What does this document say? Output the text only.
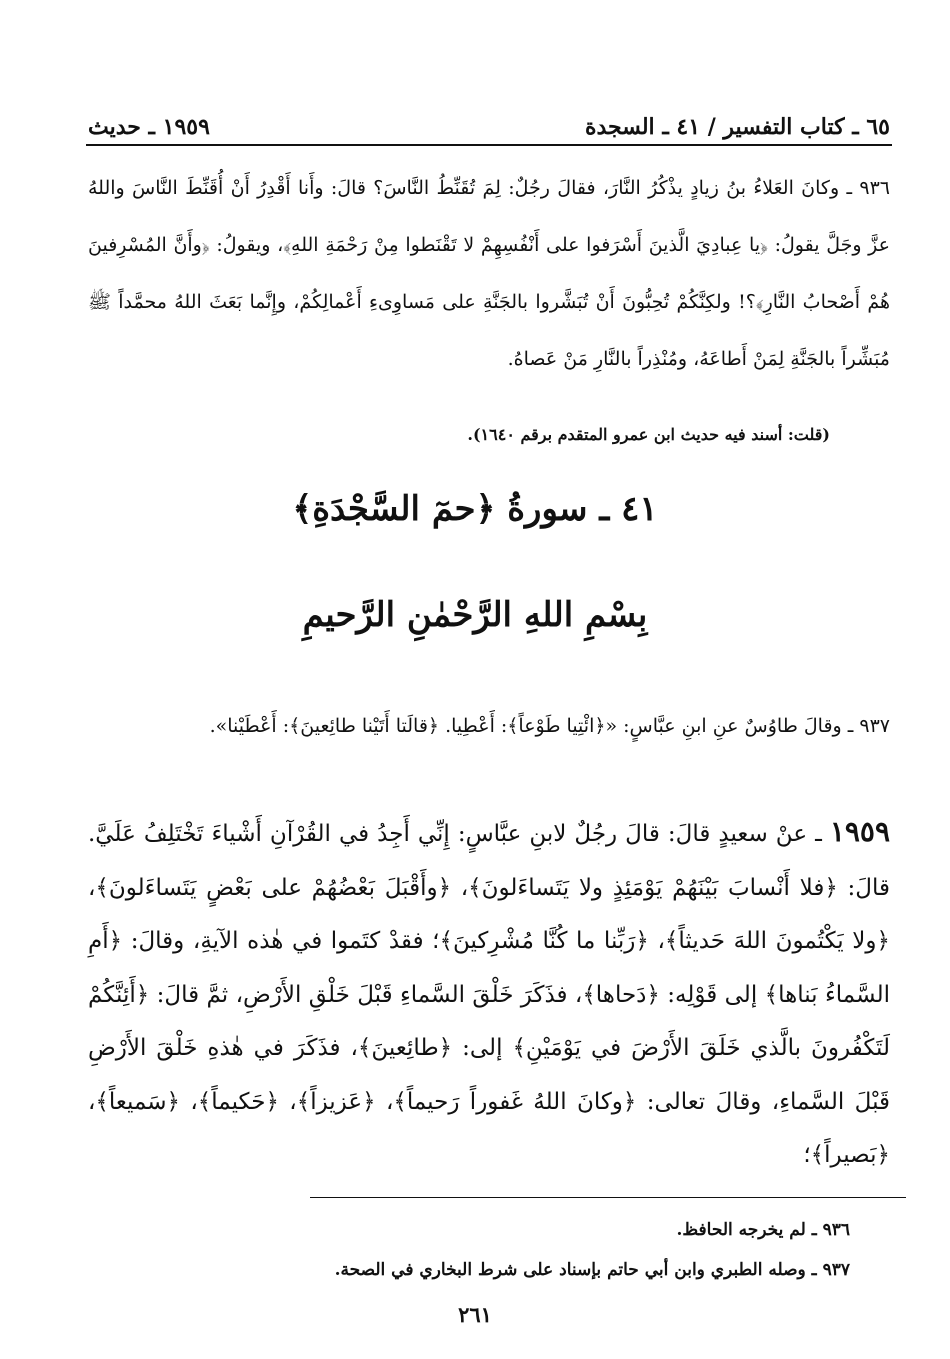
٦٥ ـ كتاب التفسير / ٤١ ـ السجدة
١٩٥٩ ـ حديث
٩٣٦ ـ وكانَ العَلاءُ بنُ زيادٍ يذْكُرُ النَّارَ، فقالَ رجُلٌ: لِمَ تُقَنِّطُ النَّاسَ؟ قالَ: وأَنا أَقْدِرُ أَنْ أُقَنِّطَ النَّاسَ واللهُ عزَّ وجَلَّ يقولُ: ﴿يا عِبادِيَ الَّذينَ أَسْرَفوا على أَنْفُسِهِمْ لا تَقْنَطوا مِنْ رَحْمَةِ اللهِ﴾، ويقولُ: ﴿وأَنَّ المُسْرِفينَ هُمْ أَصْحابُ النَّارِ﴾؟! ولكِنَّكُمْ تُحِبُّونَ أَنْ تُبَشَّروا بالجَنَّةِ على مَساوِىءِ أَعْمالِكُمْ، وإِنَّما بَعَثَ اللهُ محمَّداً ﷺ مُبَشِّراً بالجَنَّةِ لِمَنْ أَطاعَهُ، ومُنْذِراً بالنَّارِ مَنْ عَصاهُ.
(قلت: أسند فيه حديث ابن عمرو المتقدم برقم ١٦٤٠).
٤١ ـ سورةُ ﴿حمٓ السَّجْدَةِ﴾
بِسْمِ اللهِ الرَّحْمٰنِ الرَّحيمِ
٩٣٧ ـ وقالَ طاوُسٌ عنِ ابنِ عبَّاسٍ: «﴿ائْتِيا طَوْعاً﴾: أَعْطِيا. ﴿قالَتا أَتَيْنا طائِعينَ﴾: أَعْطَيْنا».
١٩٥٩ ـ عنْ سعيدٍ قالَ: قالَ رجُلٌ لابنِ عبَّاسٍ: إِنِّي أَجِدُ في القُرْآنِ أَشْياءَ تَخْتَلِفُ عَلَيَّ. قالَ: ﴿فلا أَنْسابَ بَيْنَهُمْ يَوْمَئِذٍ ولا يَتَساءَلونَ﴾، ﴿وأَقْبَلَ بَعْضُهُمْ على بَعْضٍ يَتَساءَلونَ﴾، ﴿ولا يَكْتُمونَ اللهَ حَديثاً﴾، ﴿رَبِّنا ما كُنَّا مُشْرِكينَ﴾؛ فقدْ كتَموا في هٰذه الآيةِ، وقالَ: ﴿أَمِ السَّماءُ بَناها﴾ إلى قَوْلِه: ﴿دَحاها﴾، فذَكَرَ خَلْقَ السَّماءِ قَبْلَ خَلْقِ الأَرْضِ، ثمَّ قالَ: ﴿أَئِنَّكُمْ لَتَكْفُرونَ بالَّذي خَلَقَ الأَرْضَ في يَوْمَيْنِ﴾ إلى: ﴿طائِعينَ﴾، فذَكَرَ في هٰذهِ خَلْقَ الأَرْضِ قَبْلَ السَّماءِ، وقالَ تعالى: ﴿وكانَ اللهُ غَفوراً رَحيماً﴾، ﴿عَزيزاً﴾، ﴿حَكيماً﴾، ﴿سَميعاً﴾، ﴿بَصيراً﴾؛
٩٣٦ ـ لم يخرجه الحافظ.
٩٣٧ ـ وصله الطبري وابن أبي حاتم بإسناد على شرط البخاري في الصحة.
٢٦١
